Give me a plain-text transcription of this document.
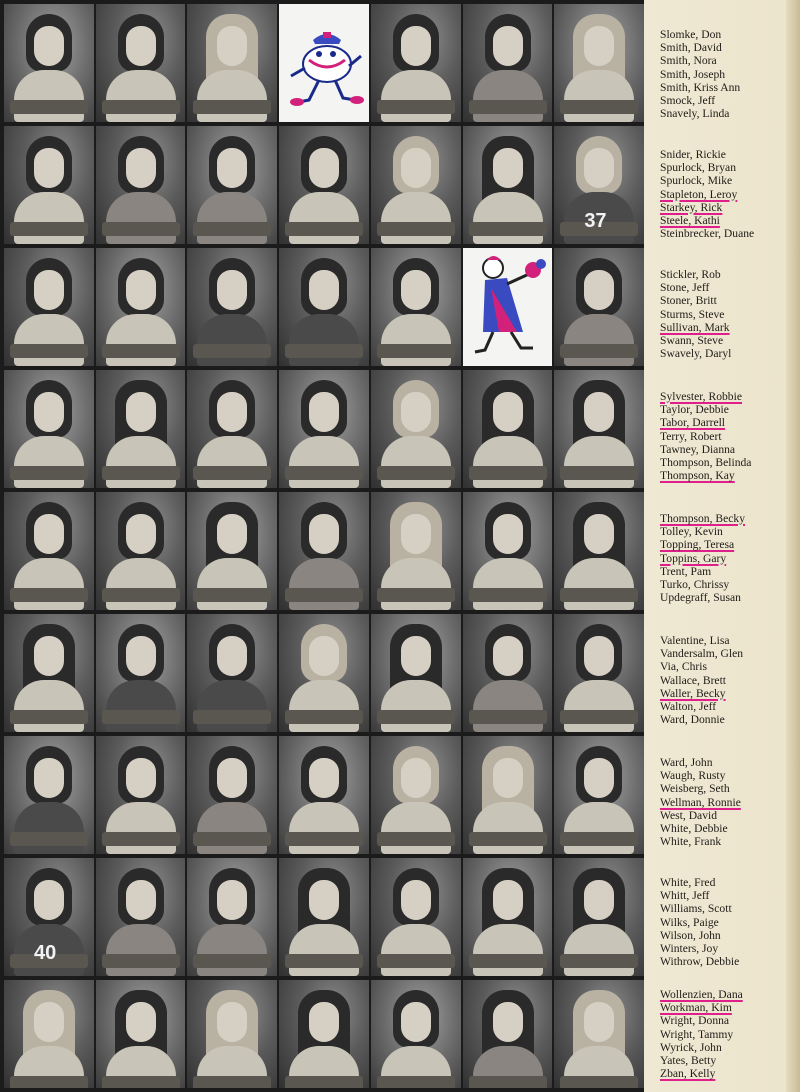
37
40
Slomke, Don
Smith, David
Smith, Nora
Smith, Joseph
Smith, Kriss Ann
Smock, Jeff
Snavely, Linda
Snider, Rickie
Spurlock, Bryan
Spurlock, Mike
Stapleton, Leroy
Starkey, Rick
Steele, Kathi
Steinbrecker, Duane
Stickler, Rob
Stone, Jeff
Stoner, Britt
Sturms, Steve
Sullivan, Mark
Swann, Steve
Swavely, Daryl
Sylvester, Robbie
Taylor, Debbie
Tabor, Darrell
Terry, Robert
Tawney, Dianna
Thompson, Belinda
Thompson, Kay
Thompson, Becky
Tolley, Kevin
Topping, Teresa
Toppins, Gary
Trent, Pam
Turko, Chrissy
Updegraff, Susan
Valentine, Lisa
Vandersalm, Glen
Via, Chris
Wallace, Brett
Waller, Becky
Walton, Jeff
Ward, Donnie
Ward, John
Waugh, Rusty
Weisberg, Seth
Wellman, Ronnie
West, David
White, Debbie
White, Frank
White, Fred
Whitt, Jeff
Williams, Scott
Wilks, Paige
Wilson, John
Winters, Joy
Withrow, Debbie
Wollenzien, Dana
Workman, Kim
Wright, Donna
Wright, Tammy
Wyrick, John
Yates, Betty
Zban, Kelly
